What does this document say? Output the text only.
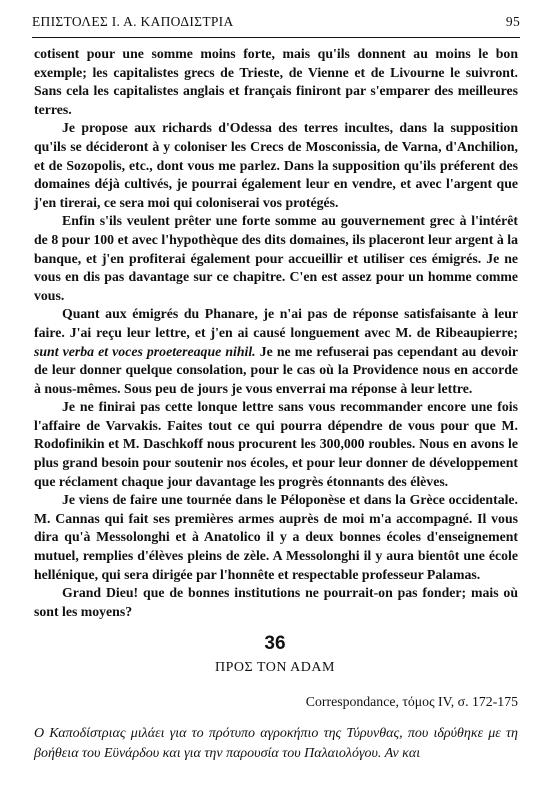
ΕΠΙΣΤΟΛΕΣ Ι. Α. ΚΑΠΟΔΙΣΤΡΙΑ	95

cotisent pour une somme moins forte, mais qu'ils donnent au moins le bon exemple; les capitalistes grecs de Trieste, de Vienne et de Livourne le suivront. Sans cela les capitalistes anglais et français finiront par s'emparer des meilleures terres.

Je propose aux richards d'Odessa des terres incultes, dans la supposition qu'ils se décideront à y coloniser les Crecs de Mosconissia, de Varna, d'Anchilion, et de Sozopolis, etc., dont vous me parlez. Dans la supposition qu'ils préferent des domaines déjà cultivés, je pourrai également leur en vendre, et avec l'argent que j'en tirerai, ce sera moi qui coloniserai vos protégés.

Enfin s'ils veulent prêter une forte somme au gouvernement grec à l'intérêt de 8 pour 100 et avec l'hypothèque des dits domaines, ils placeront leur argent à la banque, et j'en profiterai également pour accueillir et utiliser ces émigrés. Je ne vous en dis pas davantage sur ce chapitre. C'en est assez pour un homme comme vous.

Quant aux émigrés du Phanare, je n'ai pas de réponse satisfaisante à leur faire. J'ai reçu leur lettre, et j'en ai causé longuement avec M. de Ribeaupierre; sunt verba et voces proetereaque nihil. Je ne me refuserai pas cependant au devoir de leur donner quelque consolation, pour le cas où la Providence nous en accorde à nous-mêmes. Sous peu de jours je vous enverrai ma réponse à leur lettre.

Je ne finirai pas cette lonque lettre sans vous recommander encore une fois l'affaire de Varvakis. Faites tout ce qui pourra dépendre de vous pour que M. Rodofinikin et M. Daschkoff nous procurent les 300,000 roubles. Nous en avons le plus grand besoin pour soutenir nos écoles, et pour leur donner de développement que réclament chaque jour davantage les progrès étonnants des élèves.

Je viens de faire une tournée dans le Péloponèse et dans la Grèce occidentale. M. Cannas qui fait ses premières armes auprès de moi m'a accompagné. Il vous dira qu'à Messolonghi et à Anatolico il y a deux bonnes écoles d'enseignement mutuel, remplies d'élèves pleins de zèle. A Messolonghi il y aura bientôt une école hellénique, qui sera dirigée par l'honnête et respectable professeur Palamas.

Grand Dieu! que de bonnes institutions ne pourrait-on pas fonder; mais où sont les moyens?

36
ΠΡΟΣ ΤΟΝ ΑDΑΜ
Correspondance, τόμος IV, σ. 172-175
Ο Καποδίστριας μιλάει για το πρότυπο αγροκήπιο της Τύρυνθας, που ιδρύθηκε με τη βοήθεια του Εϋνάρδου και για την παρουσία του Παλαιολόγου. Αν και
